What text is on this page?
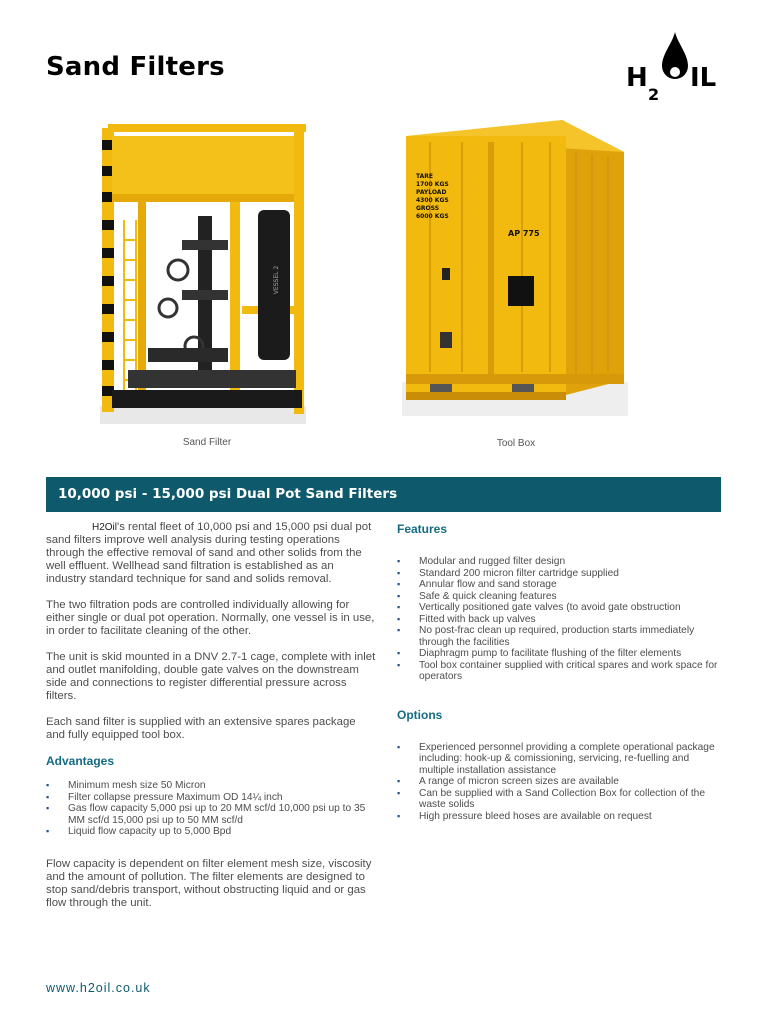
Sand Filters	H
2
IL
VESSEL 2
Sand Filter
TARE 1700 KGS PAYLOAD 4300 KGS GROSS 6000 KGS
AP 775
Tool Box
10,000 psi - 15,000 psi Dual Pot Sand Filters

H2Oil's rental fleet of 10,000 psi and 15,000 psi dual pot sand filters improve well analysis during testing operations through the effective removal of sand and other solids from the well effluent. Wellhead sand filtration is established as an industry standard technique for sand and solids removal.

The two filtration pods are controlled individually allowing for either single or dual pot operation. Normally, one vessel is in use, in order to facilitate cleaning of the other.

The unit is skid mounted in a DNV 2.7-1 cage, complete with inlet and outlet manifolding, double gate valves on the downstream side and connections to register differential pressure across filters.

Each sand filter is supplied with an extensive spares package and fully equipped tool box.

Advantages
▪ Minimum mesh size 50 Micron
▪ Filter collapse pressure Maximum OD 14¼ inch
▪ Gas flow capacity 5,000 psi up to 20 MM scf/d 10,000 psi up to 35 MM scf/d 15,000 psi up to 50 MM scf/d
▪ Liquid flow capacity up to 5,000 Bpd

Flow capacity is dependent on filter element mesh size, viscosity and the amount of pollution. The filter elements are designed to stop sand/debris transport, without obstructing liquid and or gas flow through the unit.

Features
▪ Modular and rugged filter design
▪ Standard 200 micron filter cartridge supplied
▪ Annular flow and sand storage
▪ Safe & quick cleaning features
▪ Vertically positioned gate valves (to avoid gate obstruction
▪ Fitted with back up valves
▪ No post-frac clean up required, production starts immediately through the facilities
▪ Diaphragm pump to facilitate flushing of the filter elements
▪ Tool box container supplied with critical spares and work space for operators
Options
▪ Experienced personnel providing a complete operational package including: hook-up & comissioning, servicing, re-fuelling and multiple installation assistance
▪ A range of micron screen sizes are available
▪ Can be supplied with a Sand Collection Box for collection of the waste solids
▪ High pressure bleed hoses are available on request
www.h2oil.co.uk
